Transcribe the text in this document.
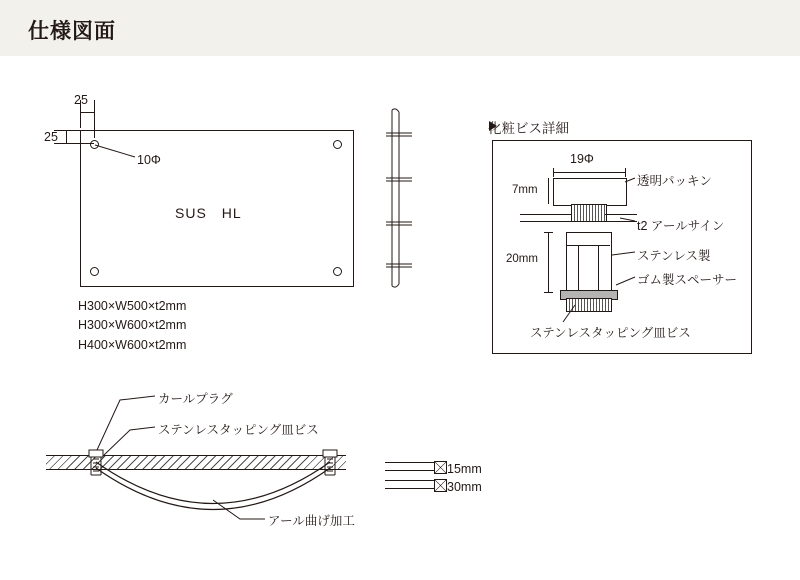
仕様図面
25
25
10Φ
SUS　HL
H300×W500×t2mm
H300×W600×t2mm
H400×W600×t2mm
化粧ビス詳細
19Φ
7mm
20mm
透明パッキン
t2 アールサイン
ステンレス製
ゴム製スペーサー
ステンレスタッピング皿ビス
カールプラグ
ステンレスタッピング皿ビス
アール曲げ加工
15mm
30mm
